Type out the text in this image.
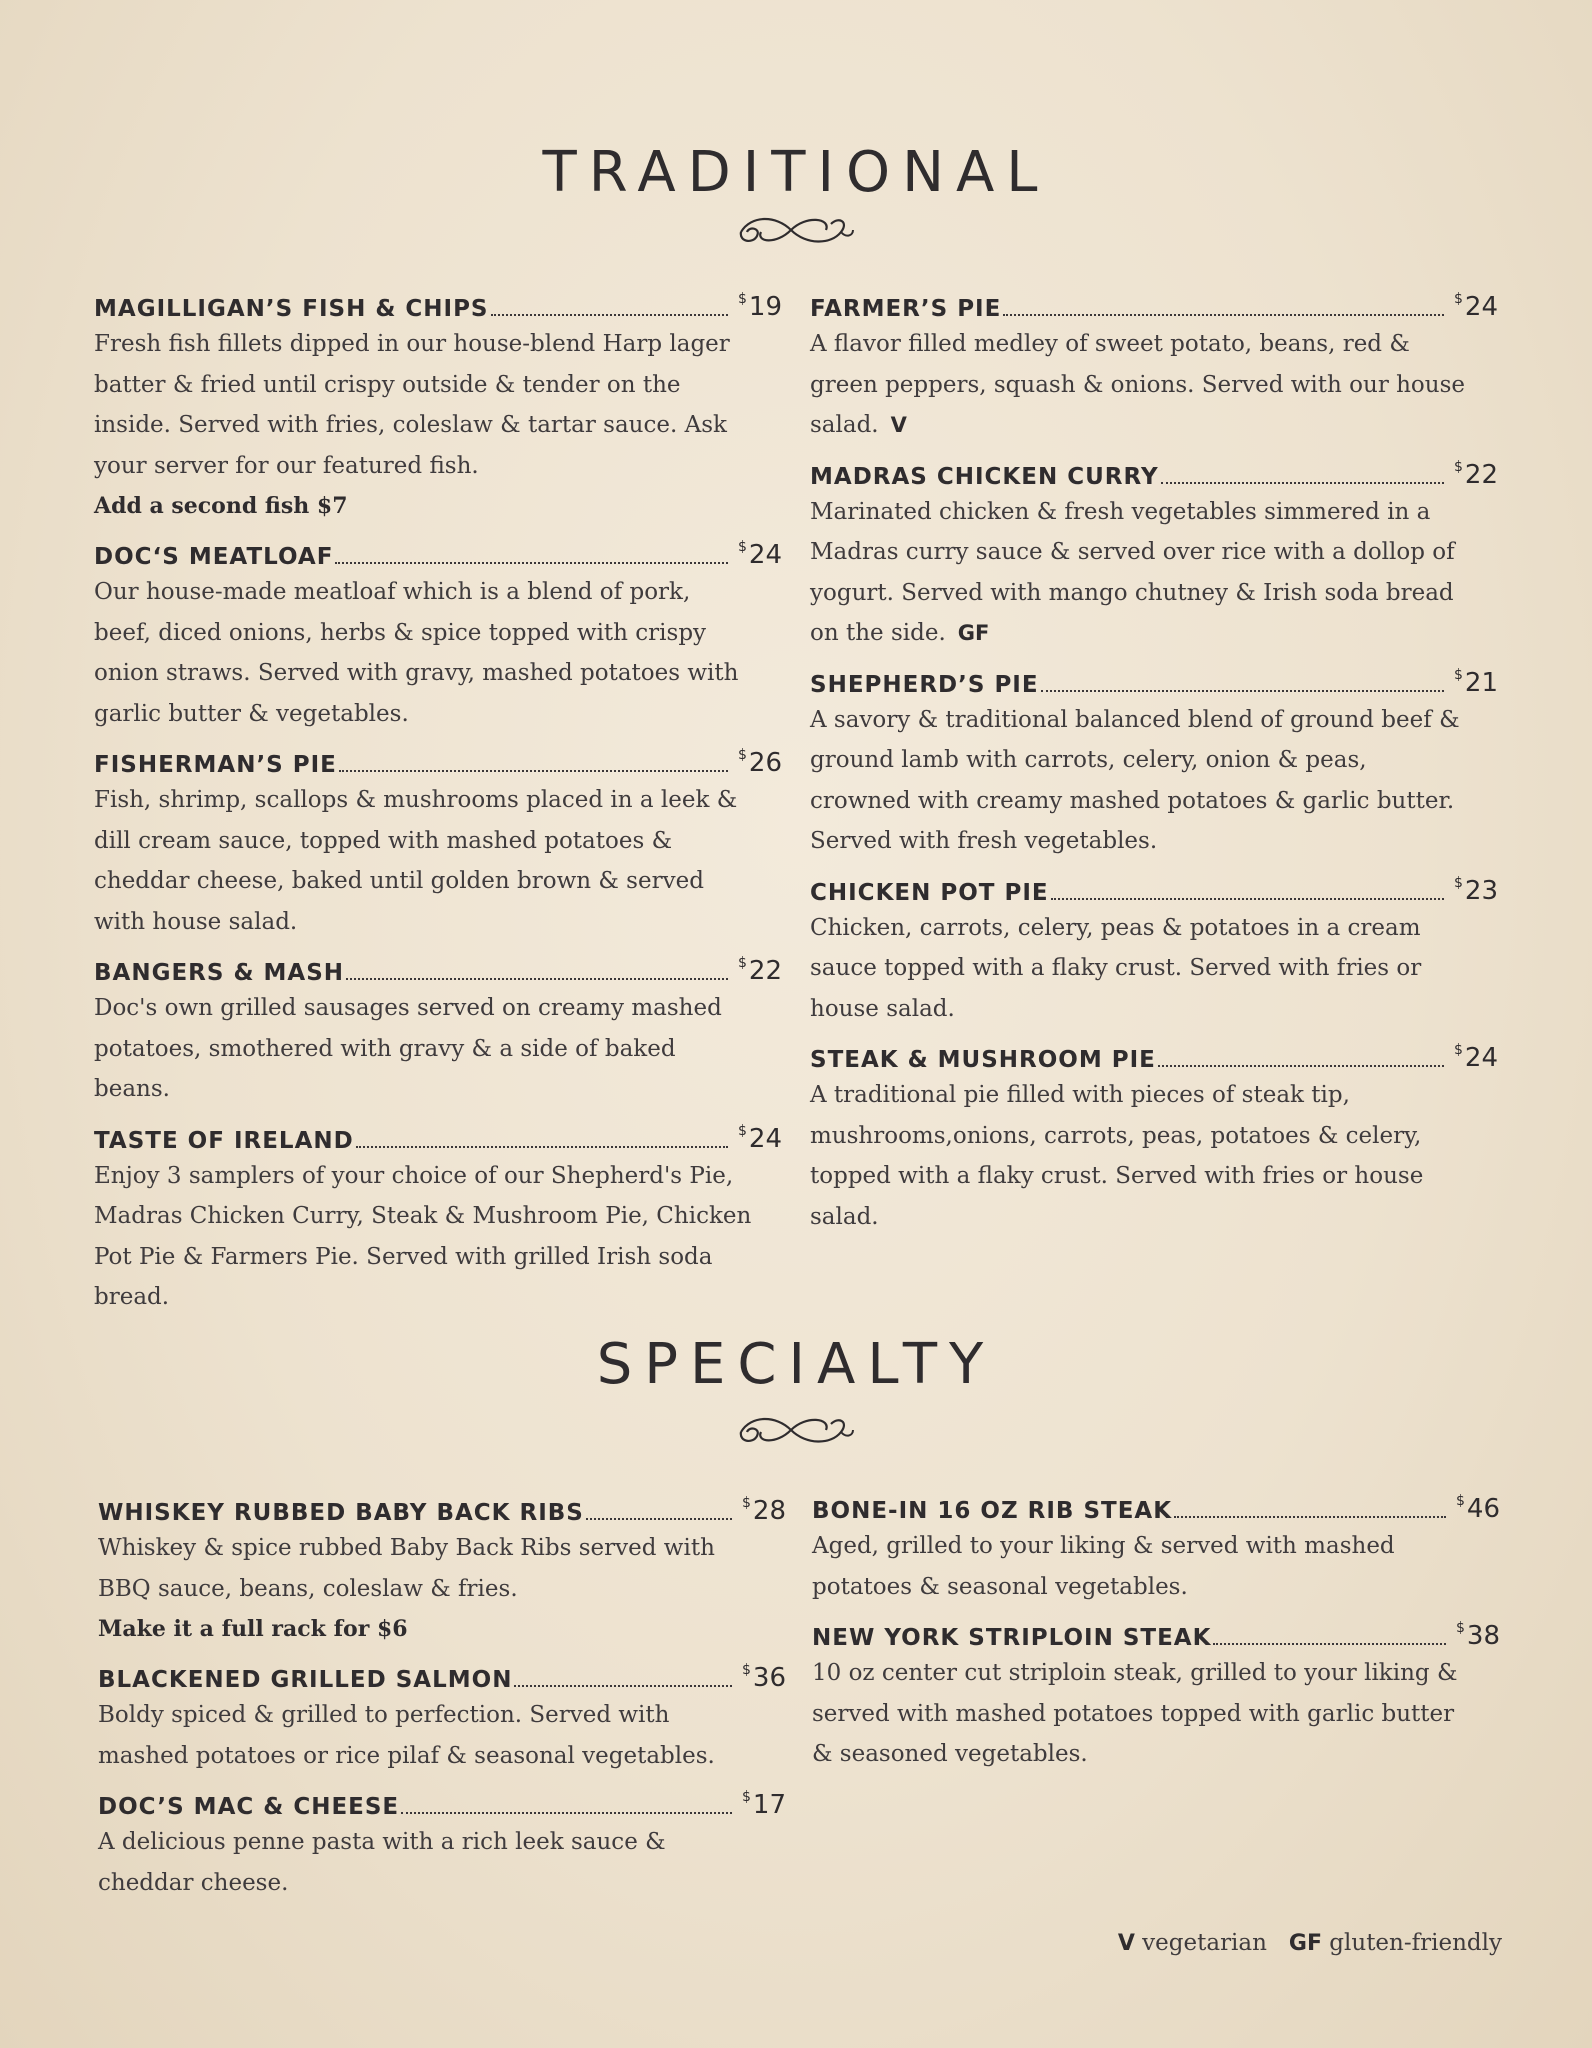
TRADITIONAL
MAGILLIGAN’S FISH & CHIPS	$19
Fresh fish fillets dipped in our house-blend Harp lager batter & fried until crispy outside & tender on the inside. Served with fries, coleslaw & tartar sauce. Ask your server for our featured fish.
Add a second fish $7
DOC‘S MEATLOAF	$24
Our house-made meatloaf which is a blend of pork, beef, diced onions, herbs & spice topped with crispy onion straws. Served with gravy, mashed potatoes with garlic butter & vegetables.
FISHERMAN’S PIE	$26
Fish, shrimp, scallops & mushrooms placed in a leek & dill cream sauce, topped with mashed potatoes & cheddar cheese, baked until golden brown & served with house salad.
BANGERS & MASH	$22
Doc's own grilled sausages served on creamy mashed potatoes, smothered with gravy & a side of baked beans.
TASTE OF IRELAND	$24
Enjoy 3 samplers of your choice of our Shepherd's Pie, Madras Chicken Curry, Steak & Mushroom Pie, Chicken Pot Pie & Farmers Pie. Served with grilled Irish soda bread.
FARMER’S PIE	$24
A flavor filled medley of sweet potato, beans, red & green peppers, squash & onions. Served with our house salad. V
MADRAS CHICKEN CURRY	$22
Marinated chicken & fresh vegetables simmered in a Madras curry sauce & served over rice with a dollop of yogurt. Served with mango chutney & Irish soda bread on the side. GF
SHEPHERD’S PIE	$21
A savory & traditional balanced blend of ground beef & ground lamb with carrots, celery, onion & peas, crowned with creamy mashed potatoes & garlic butter. Served with fresh vegetables.
CHICKEN POT PIE	$23
Chicken, carrots, celery, peas & potatoes in a cream sauce topped with a flaky crust. Served with fries or house salad.
STEAK & MUSHROOM PIE	$24
A traditional pie filled with pieces of steak tip, mushrooms,onions, carrots, peas, potatoes & celery, topped with a flaky crust. Served with fries or house salad.
SPECIALTY
WHISKEY RUBBED BABY BACK RIBS	$28
Whiskey & spice rubbed Baby Back Ribs served with BBQ sauce, beans, coleslaw & fries.
Make it a full rack for $6
BLACKENED GRILLED SALMON	$36
Boldy spiced & grilled to perfection. Served with mashed potatoes or rice pilaf & seasonal vegetables.
DOC’S MAC & CHEESE	$17
A delicious penne pasta with a rich leek sauce & cheddar cheese.
BONE-IN 16 OZ RIB STEAK	$46
Aged, grilled to your liking & served with mashed potatoes & seasonal vegetables.
NEW YORK STRIPLOIN STEAK	$38
10 oz center cut striploin steak, grilled to your liking & served with mashed potatoes topped with garlic butter & seasoned vegetables.
V vegetarian GF gluten-friendly
